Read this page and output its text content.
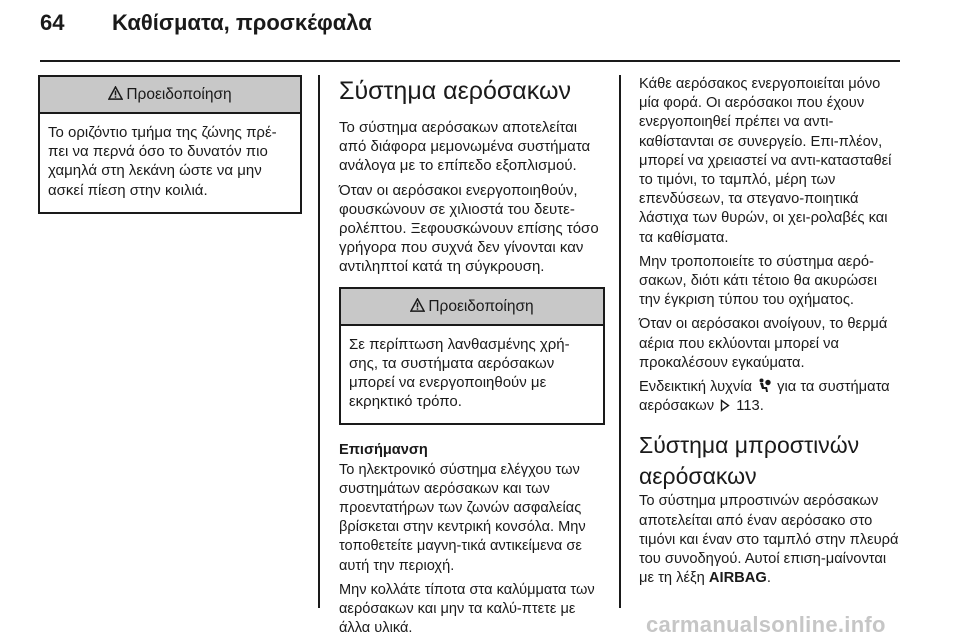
64 Καθίσματα, προσκέφαλα
Προειδοποίηση
Το οριζόντιο τμήμα της ζώνης πρέ-πει να περνά όσο το δυνατόν πιο χαμηλά στη λεκάνη ώστε να μην ασκεί πίεση στην κοιλιά.
Σύστημα αερόσακων

Το σύστημα αερόσακων αποτελείται από διάφορα μεμονωμένα συστήματα ανάλογα με το επίπεδο εξοπλισμού.

Όταν οι αερόσακοι ενεργοποιηθούν, φουσκώνουν σε χιλιοστά του δευτε-ρολέπτου. Ξεφουσκώνουν επίσης τόσο γρήγορα που συχνά δεν γίνονται καν αντιληπτοί κατά τη σύγκρουση.

Προειδοποίηση
Σε περίπτωση λανθασμένης χρή-σης, τα συστήματα αερόσακων μπορεί να ενεργοποιηθούν με εκρηκτικό τρόπο.
Επισήμανση

Το ηλεκτρονικό σύστημα ελέγχου των συστημάτων αερόσακων και των προεντατήρων των ζωνών ασφαλείας βρίσκεται στην κεντρική κονσόλα. Μην τοποθετείτε μαγνη-τικά αντικείμενα σε αυτή την περιοχή.

Μην κολλάτε τίποτα στα καλύμματα των αερόσακων και μην τα καλύ-πτετε με άλλα υλικά.

Κάθε αερόσακος ενεργοποιείται μόνο μία φορά. Οι αερόσακοι που έχουν ενεργοποιηθεί πρέπει να αντι-καθίστανται σε συνεργείο. Επι-πλέον, μπορεί να χρειαστεί να αντι-κατασταθεί το τιμόνι, το ταμπλό, μέρη των επενδύσεων, τα στεγανο-ποιητικά λάστιχα των θυρών, οι χει-ρολαβές και τα καθίσματα.

Μην τροποποιείτε το σύστημα αερό-σακων, διότι κάτι τέτοιο θα ακυρώσει την έγκριση τύπου του οχήματος.

Όταν οι αερόσακοι ανοίγουν, το θερμά αέρια που εκλύονται μπορεί να προκαλέσουν εγκαύματα.

Ενδεικτική λυχνία για τα συστήματα αερόσακων 113.

Σύστημα μπροστινών αερόσακων

Το σύστημα μπροστινών αερόσακων αποτελείται από έναν αερόσακο στο τιμόνι και έναν στο ταμπλό στην πλευρά του συνοδηγού. Αυτοί επιση-μαίνονται με τη λέξη AIRBAG.

carmanualsonline.info
